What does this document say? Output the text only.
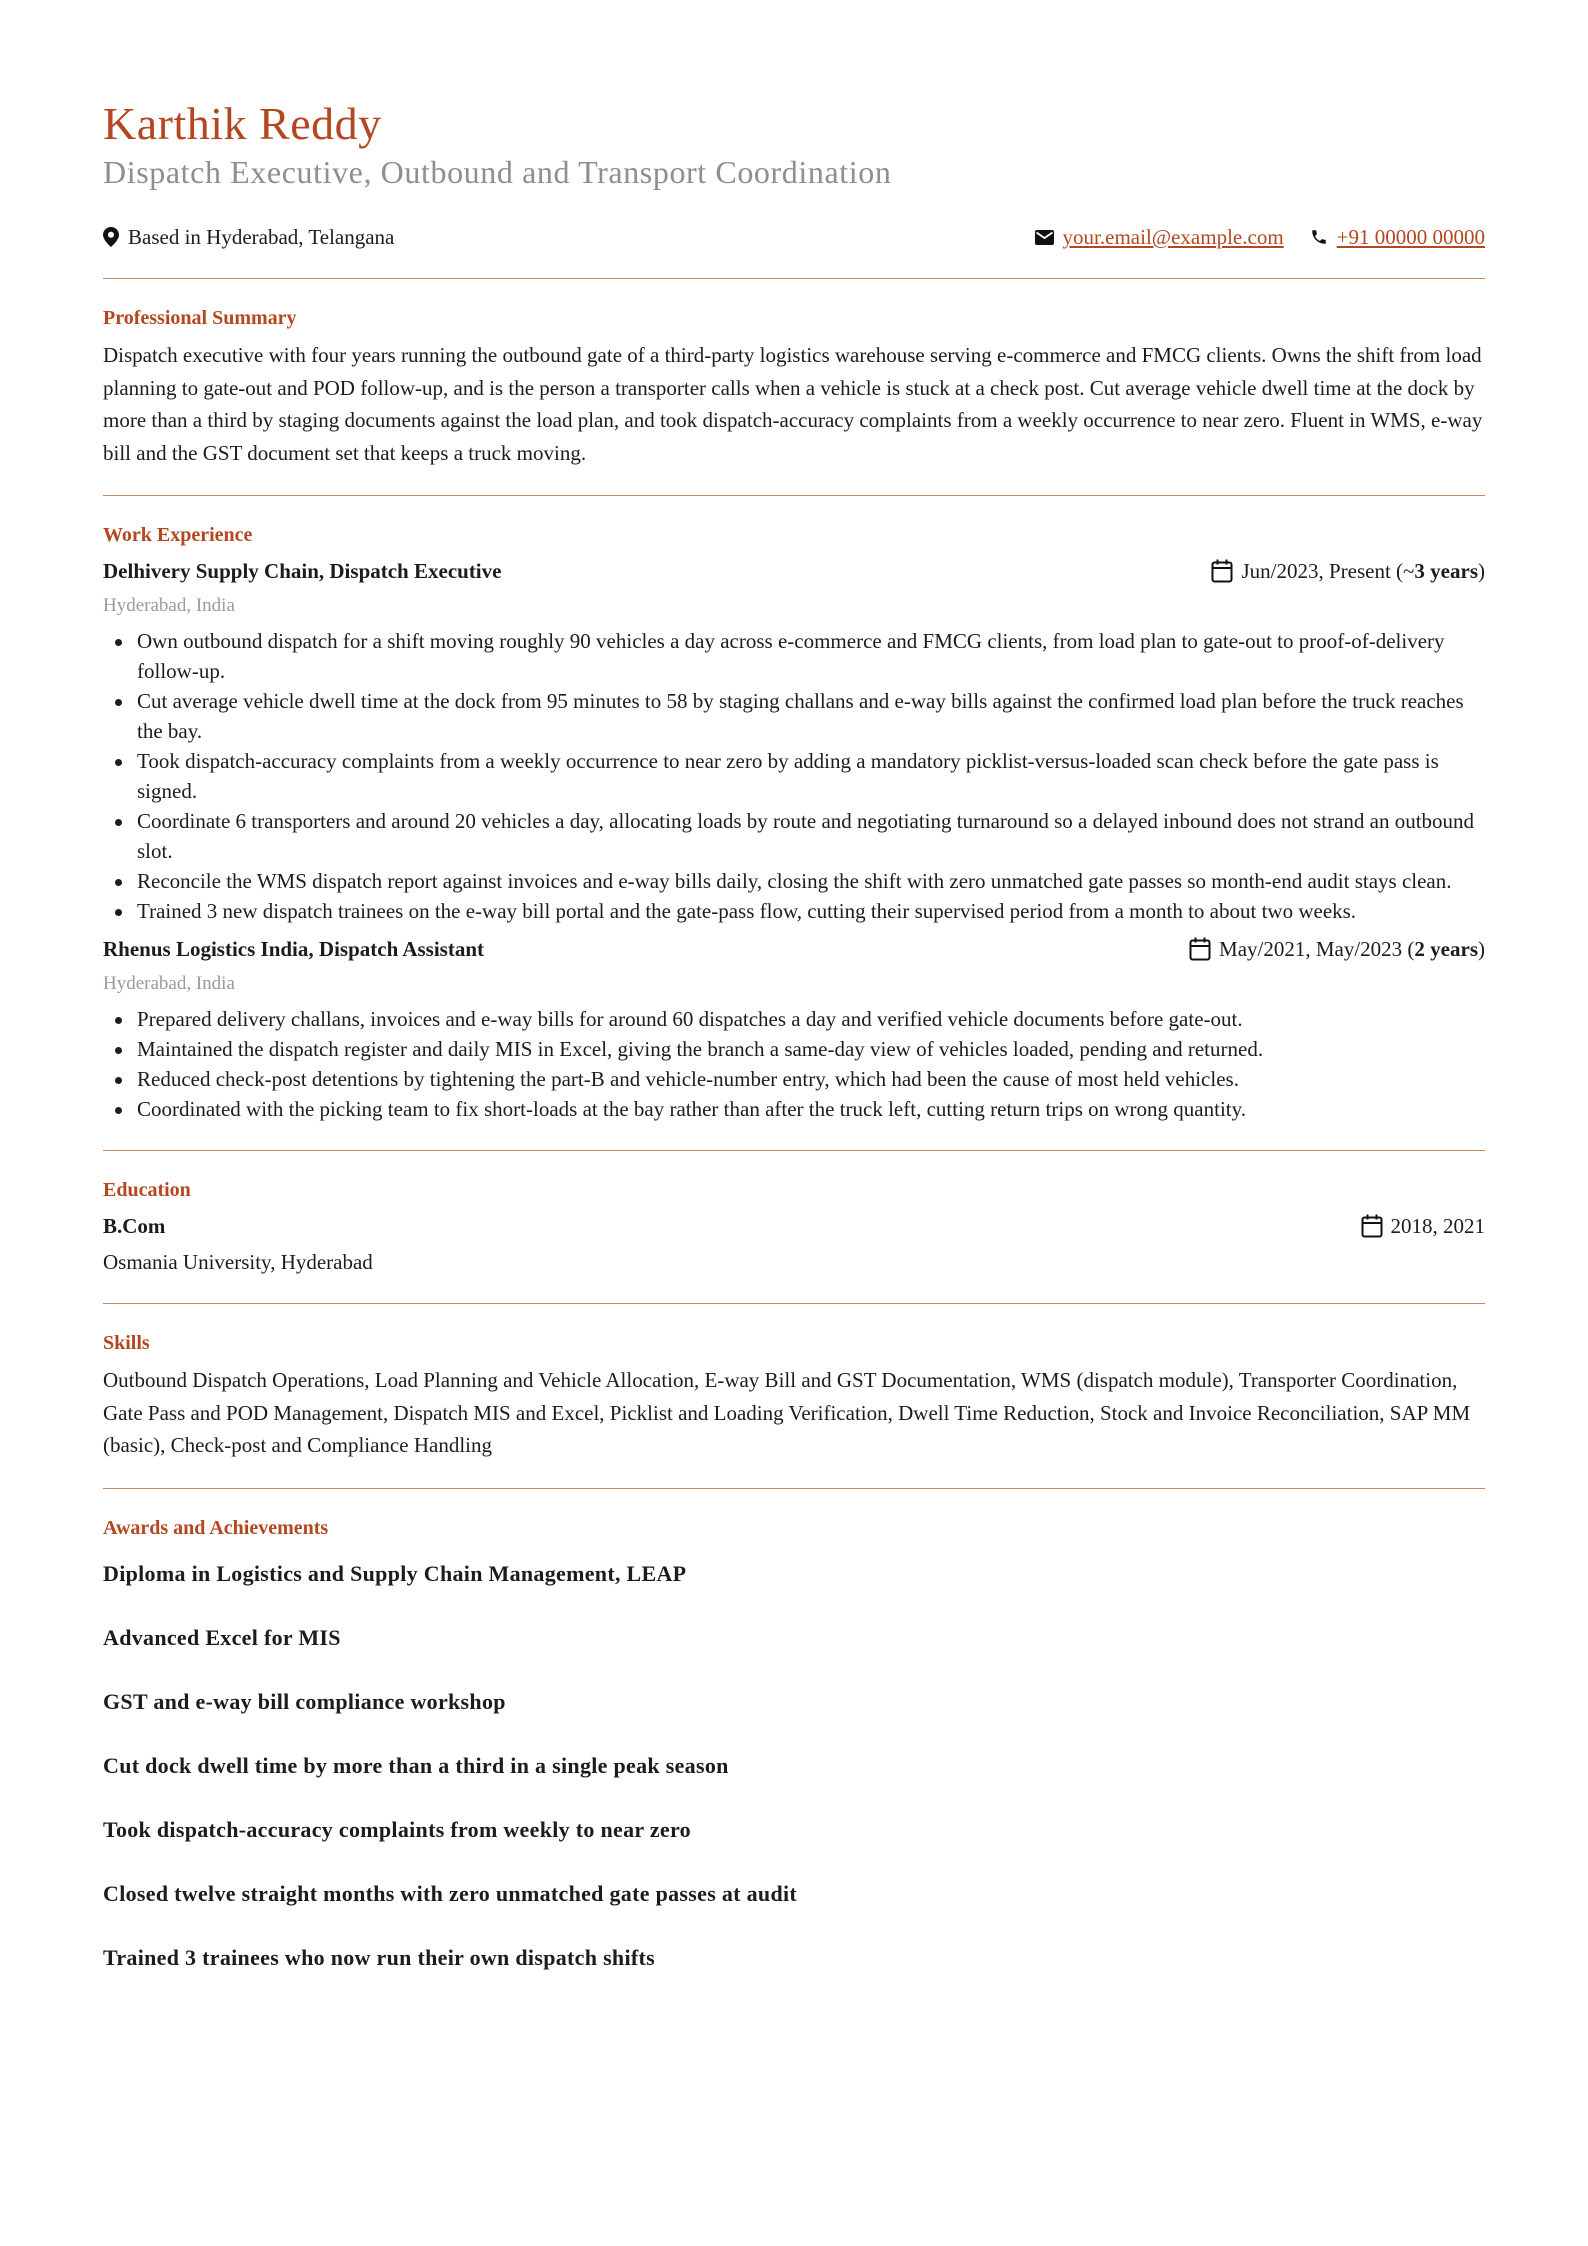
Karthik Reddy
Dispatch Executive, Outbound and Transport Coordination
Based in Hyderabad, Telangana	your.email@example.com	+91 00000 00000
Professional Summary

Dispatch executive with four years running the outbound gate of a third-party logistics warehouse serving e-commerce and FMCG clients. Owns the shift from load planning to gate-out and POD follow-up, and is the person a transporter calls when a vehicle is stuck at a check post. Cut average vehicle dwell time at the dock by more than a third by staging documents against the load plan, and took dispatch-accuracy complaints from a weekly occurrence to near zero. Fluent in WMS, e-way bill and the GST document set that keeps a truck moving.

Work Experience
Delhivery Supply Chain, Dispatch Executive	Jun/2023, Present (~ 3 years )
Hyderabad, India
Own outbound dispatch for a shift moving roughly 90 vehicles a day across e-commerce and FMCG clients, from load plan to gate-out to proof-of-delivery follow-up.
Cut average vehicle dwell time at the dock from 95 minutes to 58 by staging challans and e-way bills against the confirmed load plan before the truck reaches the bay.
Took dispatch-accuracy complaints from a weekly occurrence to near zero by adding a mandatory picklist-versus-loaded scan check before the gate pass is signed.
Coordinate 6 transporters and around 20 vehicles a day, allocating loads by route and negotiating turnaround so a delayed inbound does not strand an outbound slot.
Reconcile the WMS dispatch report against invoices and e-way bills daily, closing the shift with zero unmatched gate passes so month-end audit stays clean.
Trained 3 new dispatch trainees on the e-way bill portal and the gate-pass flow, cutting their supervised period from a month to about two weeks.
Rhenus Logistics India, Dispatch Assistant	May/2021, May/2023 ( 2 years )
Hyderabad, India
Prepared delivery challans, invoices and e-way bills for around 60 dispatches a day and verified vehicle documents before gate-out.
Maintained the dispatch register and daily MIS in Excel, giving the branch a same-day view of vehicles loaded, pending and returned.
Reduced check-post detentions by tightening the part-B and vehicle-number entry, which had been the cause of most held vehicles.
Coordinated with the picking team to fix short-loads at the bay rather than after the truck left, cutting return trips on wrong quantity.
Education
B.Com	2018, 2021
Osmania University, Hyderabad
Skills

Outbound Dispatch Operations, Load Planning and Vehicle Allocation, E-way Bill and GST Documentation, WMS (dispatch module), Transporter Coordination, Gate Pass and POD Management, Dispatch MIS and Excel, Picklist and Loading Verification, Dwell Time Reduction, Stock and Invoice Reconciliation, SAP MM (basic), Check-post and Compliance Handling

Awards and Achievements
Diploma in Logistics and Supply Chain Management, LEAP
Advanced Excel for MIS
GST and e-way bill compliance workshop
Cut dock dwell time by more than a third in a single peak season
Took dispatch-accuracy complaints from weekly to near zero
Closed twelve straight months with zero unmatched gate passes at audit
Trained 3 trainees who now run their own dispatch shifts
